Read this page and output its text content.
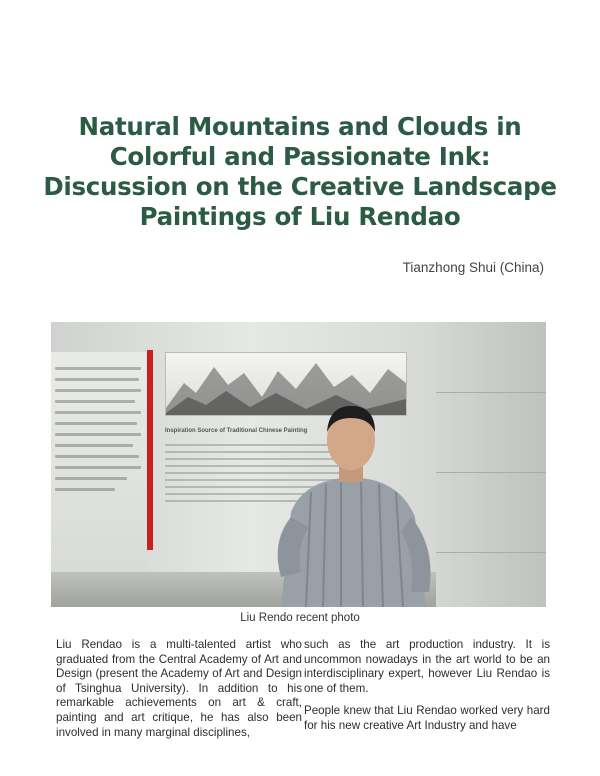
Natural Mountains and Clouds in Colorful and Passionate Ink: Discussion on the Creative Landscape Paintings of Liu Rendao
Tianzhong Shui (China)
Inspiration Source of Traditional Chinese Painting
Liu Rendo recent photo

Liu Rendao is a multi-talented artist who graduated from the Central Academy of Art and Design (present the Academy of Art and Design of Tsinghua University). In addition to his remarkable achievements on art & craft, painting and art critique, he has also been involved in many marginal disciplines,

such as the art production industry. It is uncommon nowadays in the art world to be an interdisciplinary expert, however Liu Rendao is one of them.

People knew that Liu Rendao worked very hard for his new creative Art Industry and have
